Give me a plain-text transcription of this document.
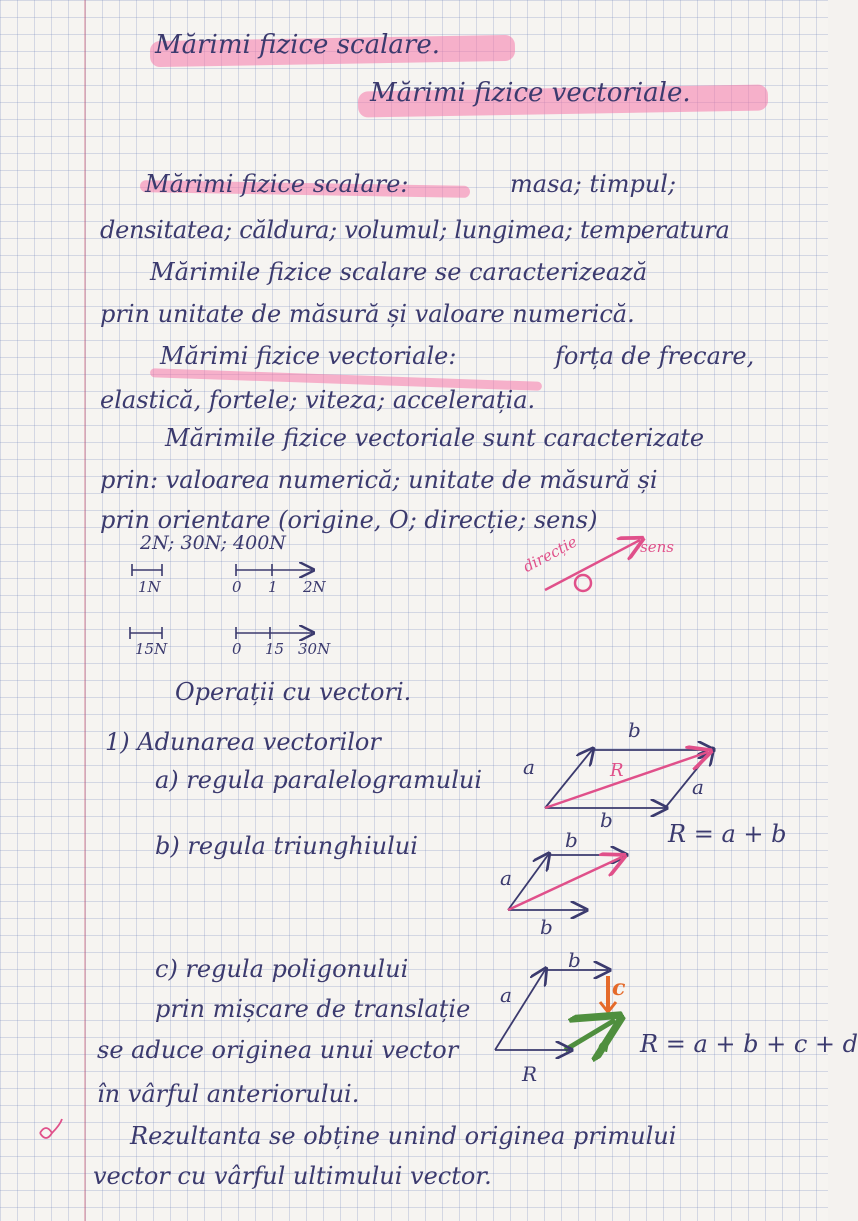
Mărimi fizice scalare.
Mărimi fizice vectoriale.
Mărimi fizice scalare:	masa; timpul;
densitatea; căldura; volumul; lungimea; temperatura
Mărimile fizice scalare se caracterizează
prin unitate de măsură și valoare numerică.
Mărimi fizice vectoriale:	forța de frecare,
elastică, fortele; viteza; accelerația.
Mărimile fizice vectoriale sunt caracterizate
prin: valoarea numerică; unitate de măsură și
prin orientare (origine, O; direcție; sens)
2N; 30N; 400N
1N	0 1 2N
15N	0 15 30N
direcție	-sens
Operații cu vectori.
1) Adunarea vectorilor
a) regula paralelogramului
b) regula triunghiului
c) regula poligonului
prin mișcare de translație
se aduce originea unui vector
în vârful anteriorului.
R = a + b
R = a + b + c + d
Rezultanta se obține unind originea primului
vector cu vârful ultimului vector.
a
b
b
a
R
a
b
b
a
b
c
d
R
